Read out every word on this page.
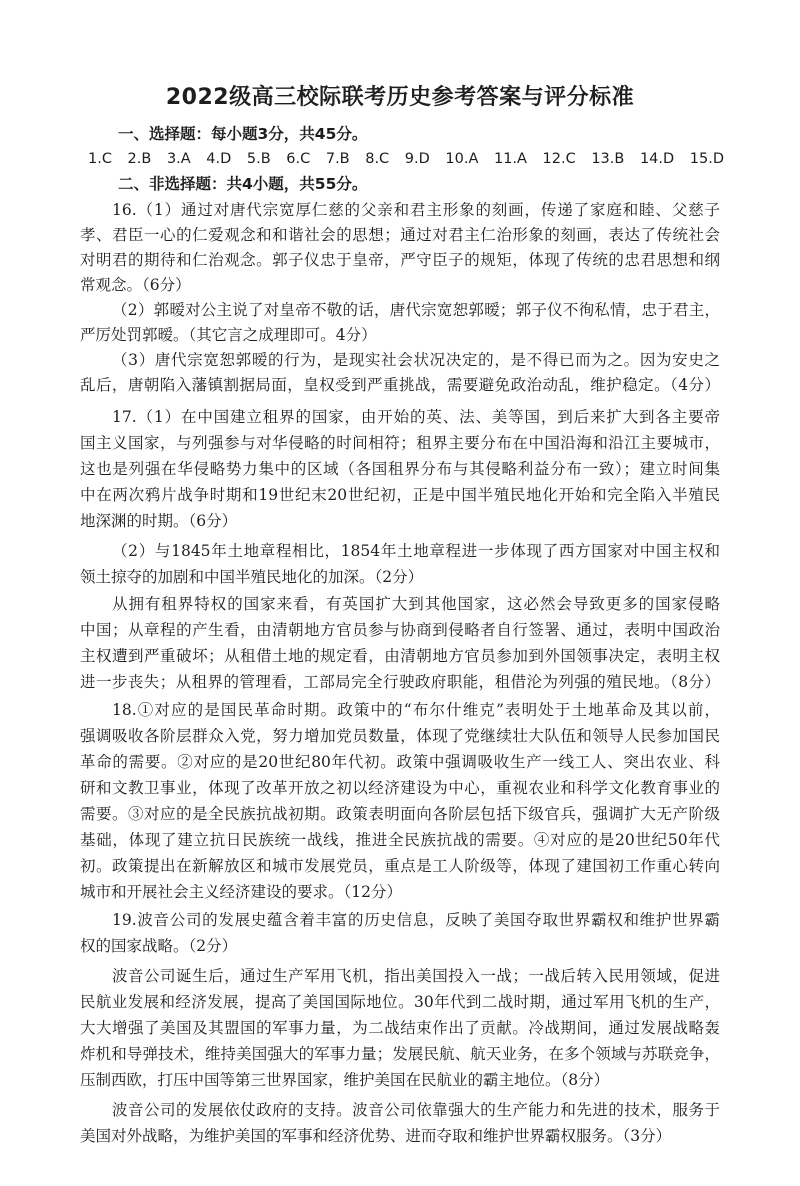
2022级高三校际联考历史参考答案与评分标准
一、选择题：每小题3分，共45分。
1.C 2.B 3.A 4.D 5.B 6.C 7.B 8.C 9.D 10.A 11.A 12.C 13.B 14.D 15.D
二、非选择题：共4小题，共55分。
16.（1）通过对唐代宗宽厚仁慈的父亲和君主形象的刻画，传递了家庭和睦、父慈子
孝、君臣一心的仁爱观念和和谐社会的思想；通过对君主仁治形象的刻画，表达了传统社会
对明君的期待和仁治观念。郭子仪忠于皇帝，严守臣子的规矩，体现了传统的忠君思想和纲
常观念。（6分）
（2）郭暧对公主说了对皇帝不敬的话，唐代宗宽恕郭暧；郭子仪不徇私情，忠于君主，
严厉处罚郭暧。（其它言之成理即可。4分）
（3）唐代宗宽恕郭暧的行为，是现实社会状况决定的，是不得已而为之。因为安史之
乱后，唐朝陷入藩镇割据局面，皇权受到严重挑战，需要避免政治动乱，维护稳定。（4分）
17.（1）在中国建立租界的国家，由开始的英、法、美等国，到后来扩大到各主要帝
国主义国家，与列强参与对华侵略的时间相符；租界主要分布在中国沿海和沿江主要城市，
这也是列强在华侵略势力集中的区域（各国租界分布与其侵略利益分布一致）；建立时间集
中在两次鸦片战争时期和19世纪末20世纪初，正是中国半殖民地化开始和完全陷入半殖民
地深渊的时期。（6分）
（2）与1845年土地章程相比，1854年土地章程进一步体现了西方国家对中国主权和
领土掠夺的加剧和中国半殖民地化的加深。（2分）
从拥有租界特权的国家来看，有英国扩大到其他国家，这必然会导致更多的国家侵略
中国；从章程的产生看，由清朝地方官员参与协商到侵略者自行签署、通过，表明中国政治
主权遭到严重破坏；从租借土地的规定看，由清朝地方官员参加到外国领事决定，表明主权
进一步丧失；从租界的管理看，工部局完全行驶政府职能，租借沦为列强的殖民地。（8分）
18.①对应的是国民革命时期。政策中的“布尔什维克”表明处于土地革命及其以前，
强调吸收各阶层群众入党，努力增加党员数量，体现了党继续壮大队伍和领导人民参加国民
革命的需要。②对应的是20世纪80年代初。政策中强调吸收生产一线工人、突出农业、科
研和文教卫事业，体现了改革开放之初以经济建设为中心，重视农业和科学文化教育事业的
需要。③对应的是全民族抗战初期。政策表明面向各阶层包括下级官兵，强调扩大无产阶级
基础，体现了建立抗日民族统一战线，推进全民族抗战的需要。④对应的是20世纪50年代
初。政策提出在新解放区和城市发展党员，重点是工人阶级等，体现了建国初工作重心转向
城市和开展社会主义经济建设的要求。（12分）
19.波音公司的发展史蕴含着丰富的历史信息，反映了美国夺取世界霸权和维护世界霸
权的国家战略。（2分）
波音公司诞生后，通过生产军用飞机，指出美国投入一战；一战后转入民用领域，促进
民航业发展和经济发展，提高了美国国际地位。30年代到二战时期，通过军用飞机的生产，
大大增强了美国及其盟国的军事力量，为二战结束作出了贡献。冷战期间，通过发展战略轰
炸机和导弹技术，维持美国强大的军事力量；发展民航、航天业务，在多个领域与苏联竞争，
压制西欧，打压中国等第三世界国家，维护美国在民航业的霸主地位。（8分）
波音公司的发展依仗政府的支持。波音公司依靠强大的生产能力和先进的技术，服务于
美国对外战略，为维护美国的军事和经济优势、进而夺取和维护世界霸权服务。（3分）
